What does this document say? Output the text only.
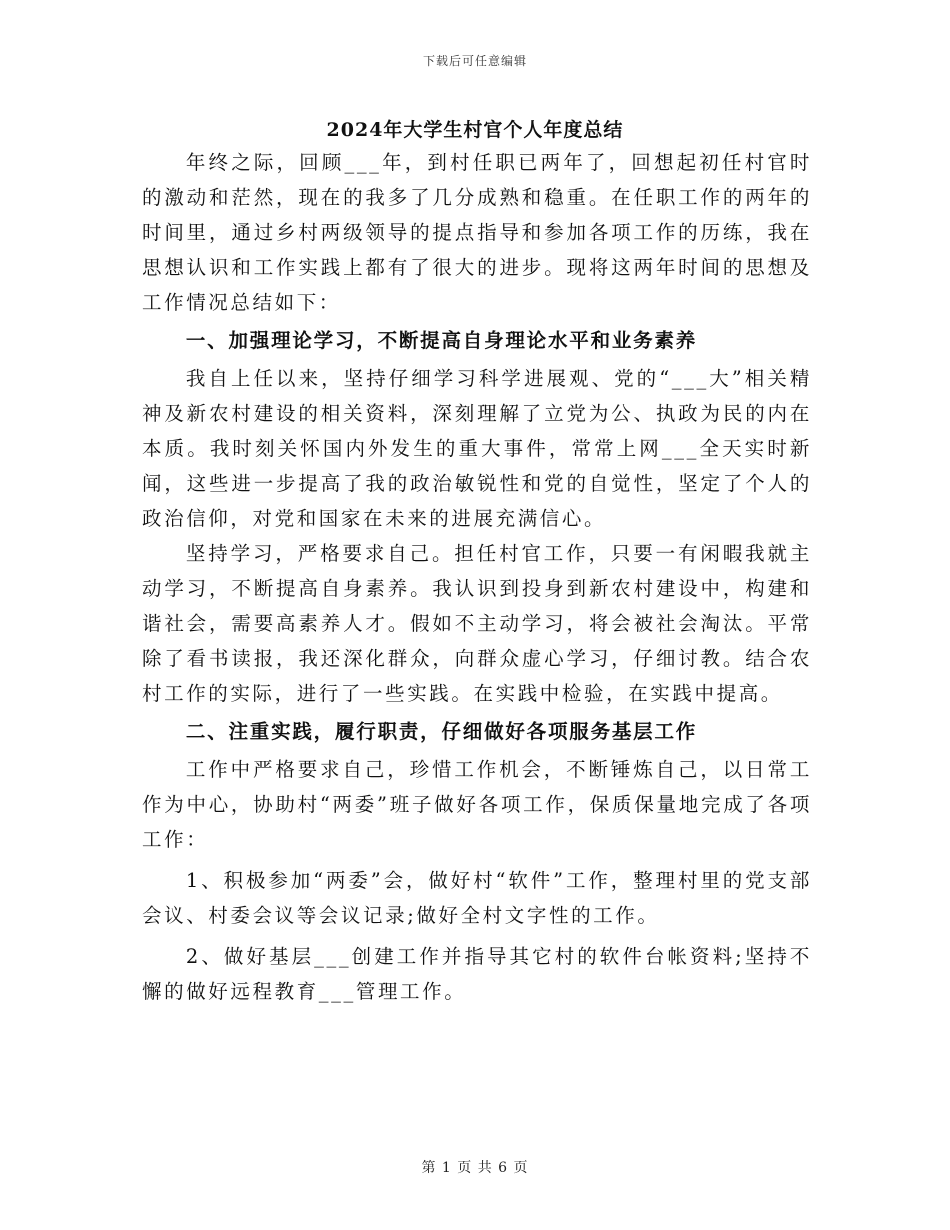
下载后可任意编辑
2024年大学生村官个人年度总结

年终之际，回顾___年，到村任职已两年了，回想起初任村官时的激动和茫然，现在的我多了几分成熟和稳重。在任职工作的两年的时间里，通过乡村两级领导的提点指导和参加各项工作的历练，我在思想认识和工作实践上都有了很大的进步。现将这两年时间的思想及工作情况总结如下：

一、加强理论学习，不断提高自身理论水平和业务素养

我自上任以来，坚持仔细学习科学进展观、党的“___大”相关精神及新农村建设的相关资料，深刻理解了立党为公、执政为民的内在本质。我时刻关怀国内外发生的重大事件，常常上网___全天实时新闻，这些进一步提高了我的政治敏锐性和党的自觉性，坚定了个人的政治信仰，对党和国家在未来的进展充满信心。

坚持学习，严格要求自己。担任村官工作，只要一有闲暇我就主动学习，不断提高自身素养。我认识到投身到新农村建设中，构建和谐社会，需要高素养人才。假如不主动学习，将会被社会淘汰。平常除了看书读报，我还深化群众，向群众虚心学习，仔细讨教。结合农村工作的实际，进行了一些实践。在实践中检验，在实践中提高。

二、注重实践，履行职责，仔细做好各项服务基层工作

工作中严格要求自己，珍惜工作机会，不断锤炼自己，以日常工作为中心，协助村“两委”班子做好各项工作，保质保量地完成了各项工作：

1、积极参加“两委”会，做好村“软件”工作，整理村里的党支部会议、村委会议等会议记录;做好全村文字性的工作。

2、做好基层___创建工作并指导其它村的软件台帐资料;坚持不懈的做好远程教育___管理工作。

第 1 页 共 6 页
